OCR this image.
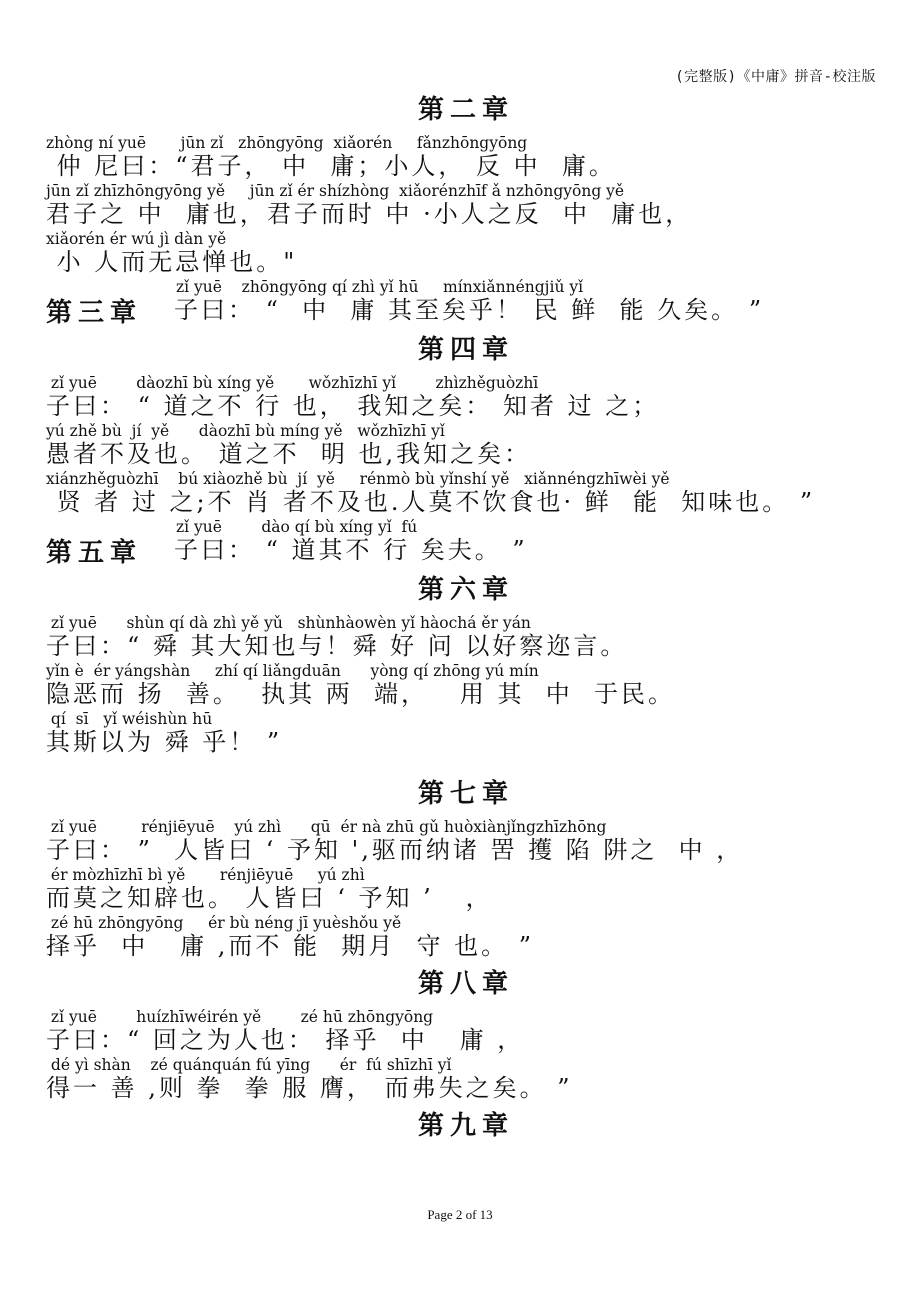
(完整版)《中庸》拼音-校注版
第二章
zhòng ní yuē       jūn zǐ   zhōngyōng  xiǎorén     fǎnzhōngyōng
仲 尼曰：“君子， 中  庸；小人， 反 中  庸。
jūn zǐ zhīzhōngyōng yě     jūn zǐ ér shízhòng  xiǎorénzhīf ǎ nzhōngyōng yě
君子之 中  庸也，君子而时 中 ·小人之反  中  庸也，
xiǎorén ér wú jì dàn yě
小 人而无忌惮也。"
第三章
zǐ yuē    zhōngyōng qí zhì yǐ hū     mínxiǎnnéngjiǔ yǐ
子曰： “  中  庸 其至矣乎！ 民 鲜  能 久矣。 ”
第四章
zǐ yuē        dàozhī bù xíng yě       wǒzhīzhī yǐ        zhìzhěguòzhī
子曰： “ 道之不 行 也， 我知之矣： 知者 过 之；
yú zhě bù  jí  yě      dàozhī bù míng yě   wǒzhīzhī yǐ
愚者不及也。 道之不  明 也,我知之矣：
xiánzhěguòzhī    bú xiàozhě bù  jí  yě     rénmò bù yǐnshí yě   xiǎnnéngzhīwèi yě
贤 者 过 之;不 肖 者不及也.人莫不饮食也· 鲜  能  知味也。 ”
第五章
zǐ yuē        dào qí bù xíng yǐ  fú
子曰： “ 道其不 行 矣夫。 ”
第六章
zǐ yuē      shùn qí dà zhì yě yǔ   shùnhàowèn yǐ hàochá ěr yán
子曰：“ 舜 其大知也与！舜 好 问 以好察迩言。
yǐn è  ér yángshàn     zhí qí liǎngduān      yòng qí zhōng yú mín
隐恶而 扬  善。  执其 两  端，   用 其  中  于民。
qí  sī   yǐ wéishùn hū
其斯以为 舜 乎！ ”
第七章
zǐ yuē         rénjiēyuē    yú zhì      qū  ér nà zhū gǔ huòxiànjǐngzhīzhōng
子曰： ”  人皆曰 ‘ 予知 ',驱而纳诸 罟 擭 陷 阱之  中 ，
ér mòzhīzhī bì yě       rénjiēyuē     yú zhì
而莫之知辟也。 人皆曰 ‘ 予知 ’   ，
zé hū zhōngyōng     ér bù néng jī yuèshǒu yě
择乎  中   庸 ,而不 能  期月  守 也。 ”
第八章
zǐ yuē        huízhīwéirén yě        zé hū zhōngyōng
子曰：“ 回之为人也： 择乎  中   庸 ，
dé yì shàn    zé quánquán fú yīng      ér  fú shīzhī yǐ
得一 善 ,则 拳  拳 服 膺， 而弗失之矣。 ”
第九章
Page 2 of 13
